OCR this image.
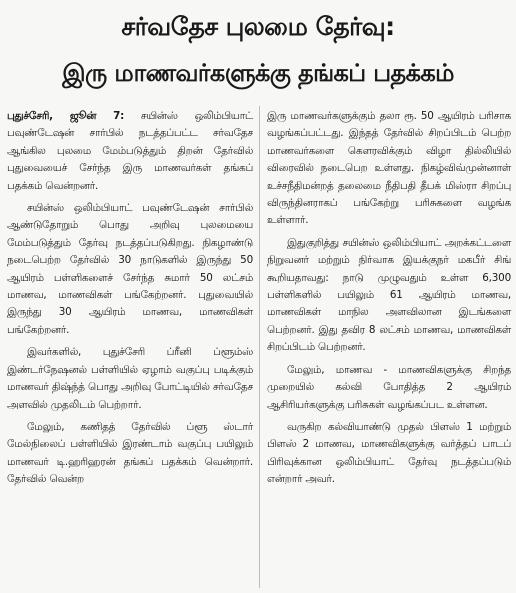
சர்வதேச புலமை தேர்வு:
இரு மாணவர்களுக்கு தங்கப் பதக்கம்

புதுச்சேரி, ஜூன் 7: சயின்ஸ் ஒலிம்பியாட் பவுண்டேஷன் சார்பில் நடத்தப்பட்ட சர்வதேச ஆங்கில புலமை மேம்படுத்தும் திறன் தேர்வில் புதுவையைச் சேர்ந்த இரு மாணவர்கள் தங்கப் பதக்கம் வென்றனர்.

சயின்ஸ் ஒலிம்பியாட் பவுண்டேஷன் சார்பில் ஆண்டுதோறும் பொது அறிவு புலமையை மேம்படுத்தும் தேர்வு நடத்தப்படுகிறது. நிகழாண்டு நடைபெற்ற தேர்வில் 30 நாடுகளில் இருந்து 50 ஆயிரம் பள்ளிகளைச் சேர்ந்த சுமார் 50 லட்சம் மாணவ, மாணவிகள் பங்கேற்றனர். புதுவையில் இருந்து 30 ஆயிரம் மாணவ, மாணவிகள் பங்கேற்றனர்.

இவர்களில், புதுச்சேரி ப்ரீனி ப்ளூம்ஸ் இண்டர்நேஷனல் பள்ளியில் ஏழாம் வகுப்பு படிக்கும் மாணவர் திஷ்ந்த் பொது அறிவு போட்டியில் சர்வதேச அளவில் முதலிடம் பெற்றார்.

மேலும், கணிதத் தேர்வில் ப்ளூ ஸ்டார் மேல்நிலைப் பள்ளியில் இரண்டாம் வகுப்பு பயிலும் மாணவர் டி.ஹரிஹரன் தங்கப் பதக்கம் வென்றார். தேர்வில் வென்ற

இரு மாணவர்களுக்கும் தலா ரூ. 50 ஆயிரம் பரிசாக வழங்கப்பட்டது. இந்தத் தேர்வில் சிறப்பிடம் பெற்ற மாணவர்களை கௌரவிக்கும் விழா தில்லியில் விரைவில் நடைபெற உள்ளது. நிகழ்விவ்முன்னாள் உச்சநீதிமன்றத் தலைமை நீதிபதி தீபக் மிஸ்ரா சிறப்பு விருந்தினராகப் பங்கேற்று பரிசுகளை வழங்க உள்ளார்.

இதுகுறித்து சயின்ஸ் ஒலிம்பியாட் அறக்கட்டளை நிறுவனர் மற்றும் நிர்வாக இயக்குநர் மகபீர் சிங் கூறியதாவது: நாடு முழுவதும் உள்ள 6,300 பள்ளிகளில் பயிலும் 61 ஆயிரம் மாணவ, மாணவிகள் மாநில அளவிலான இடங்களை பெற்றனர். இது தவிர 8 லட்சம் மாணவ, மாணவிகள் சிறப்பிடம் பெற்றனர்.

மேலும், மாணவ - மாணவிகளுக்கு சிறந்த முறையில் கல்வி போதித்த 2 ஆயிரம் ஆசிரியர்களுக்கு பரிசுகள் வழங்கப்பட உள்ளன.

வருகிற கல்வியாண்டு முதல் பிளஸ் 1 மற்றும் பிளஸ் 2 மாணவ, மாணவிகளுக்கு வர்த்தப் பாடப் பிரிவுக்கான ஒலிம்பியாட் தேர்வு நடத்தப்படும் என்றார் அவர்.
